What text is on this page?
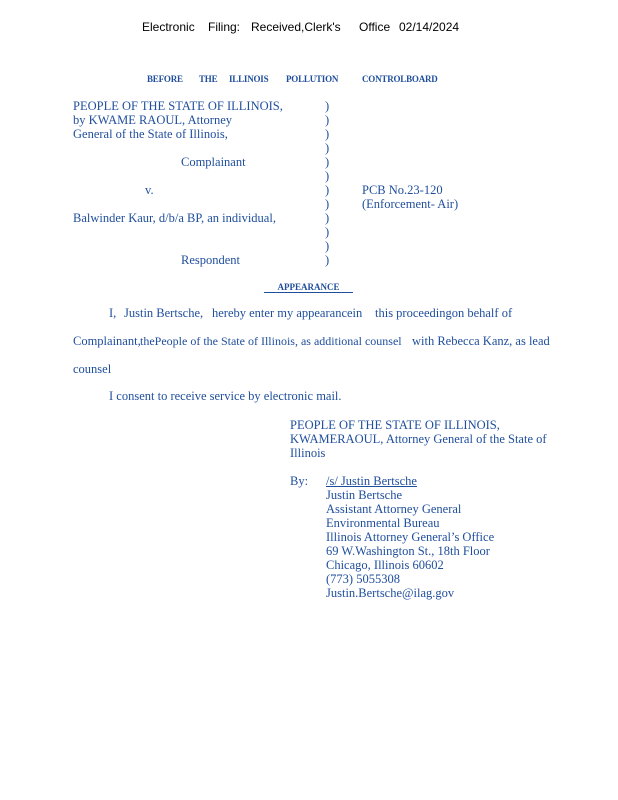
Electronic Filing: Received,Clerk's Office 02/14/2024
BEFORE THE ILLINOIS POLLUTION	CONTROLBOARD
PEOPLE OF THE STATE OF ILLINOIS,
by KWAME RAOUL, Attorney
General of the State of Illinois,
Complainant
v.
Balwinder Kaur, d/b/a BP, an individual,
Respondent
)
)
)
)
)
)
)
)
)
)
)
)
PCB No.23-120
(Enforcement- Air)
APPEARANCE
I, Justin Bertsche, hereby enter my appearancein this proceedingon behalf of
Complainant, thePeople of the State of Illinois, as additional counsel with Rebecca Kanz, as lead
counsel
I consent to receive service by electronic mail.
PEOPLE OF THE STATE OF ILLINOIS,
KWAMERAOUL, Attorney General of the State of
Illinois
By: /s/ Justin Bertsche
Justin Bertsche
Assistant Attorney General
Environmental Bureau
Illinois Attorney General’s Office
69 W.Washington St., 18th Floor
Chicago, Illinois 60602
(773) 5055308
Justin.Bertsche@ilag.gov
